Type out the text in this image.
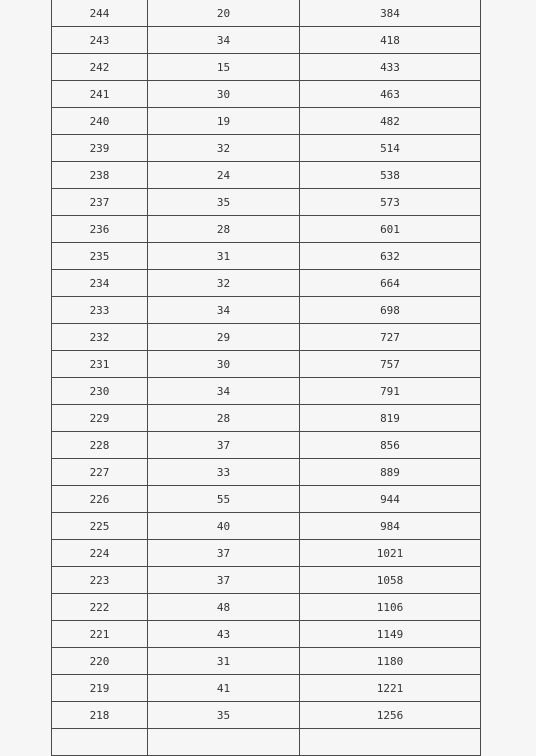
244	20	384
243	34	418
242	15	433
241	30	463
240	19	482
239	32	514
238	24	538
237	35	573
236	28	601
235	31	632
234	32	664
233	34	698
232	29	727
231	30	757
230	34	791
229	28	819
228	37	856
227	33	889
226	55	944
225	40	984
224	37	1021
223	37	1058
222	48	1106
221	43	1149
220	31	1180
219	41	1221
218	35	1256
